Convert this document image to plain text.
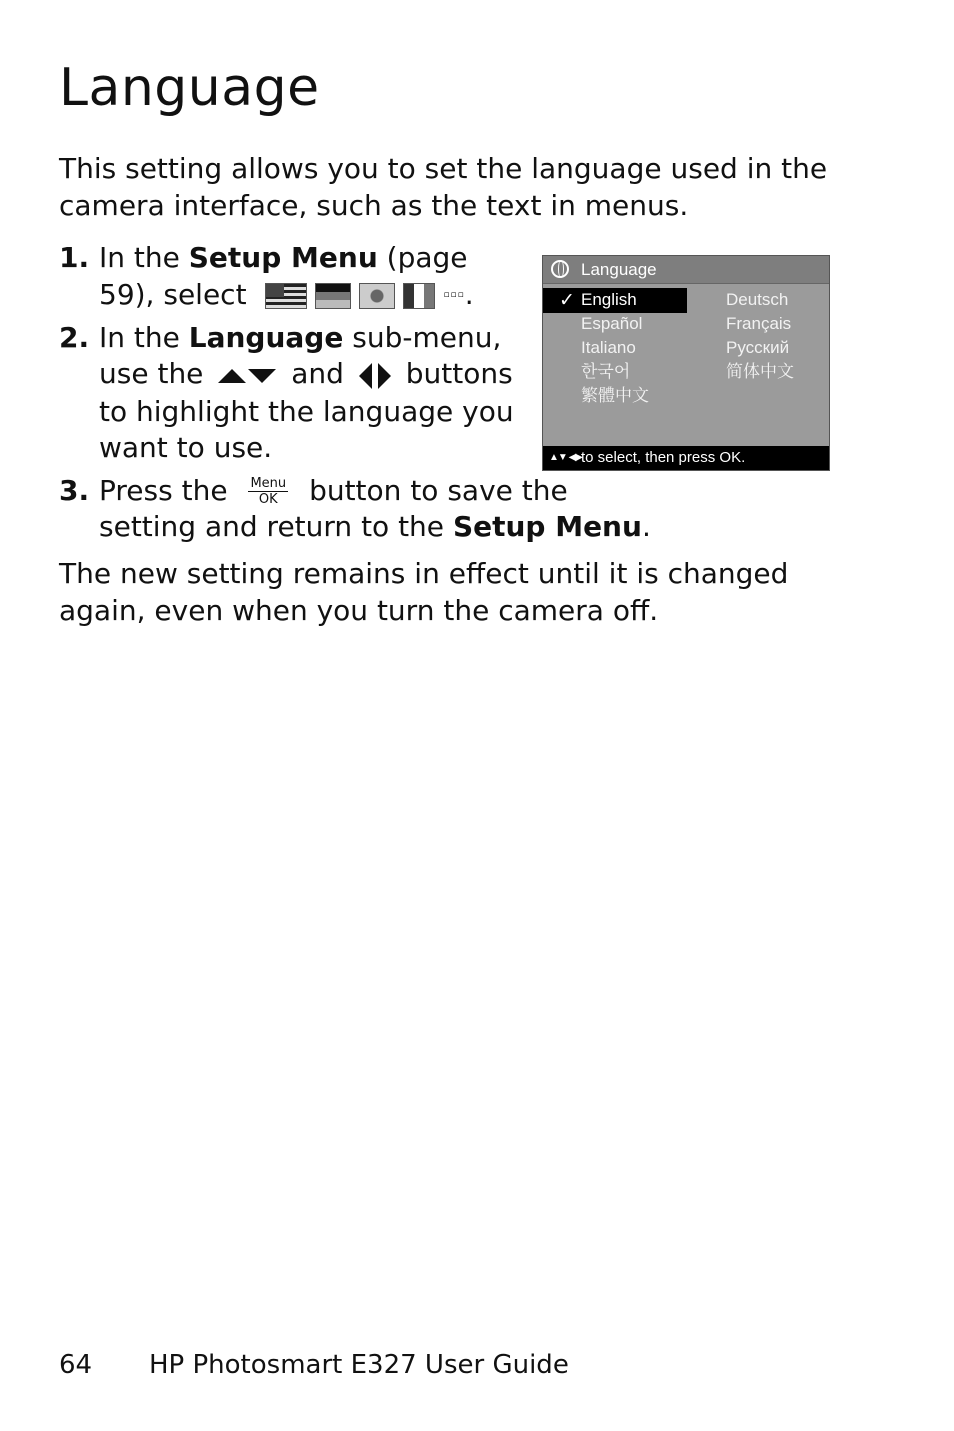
Language

This setting allows you to set the language used in the camera interface, such as the text in menus.

1. In the Setup Menu (page 59), select	▫▫▫.
2. In the Language sub-menu, use the	and buttons to highlight the language you want to use.
3. Press the Menu
OK button to save the setting and return to the Setup Menu.
Language
✓ English
Español
Italiano
한국어
繁體中文
Deutsch
Français
Русский
简体中文
▲▼ ◀▶ to select, then press OK.

The new setting remains in effect until it is changed again, even when you turn the camera off.

64 HP Photosmart E327 User Guide
